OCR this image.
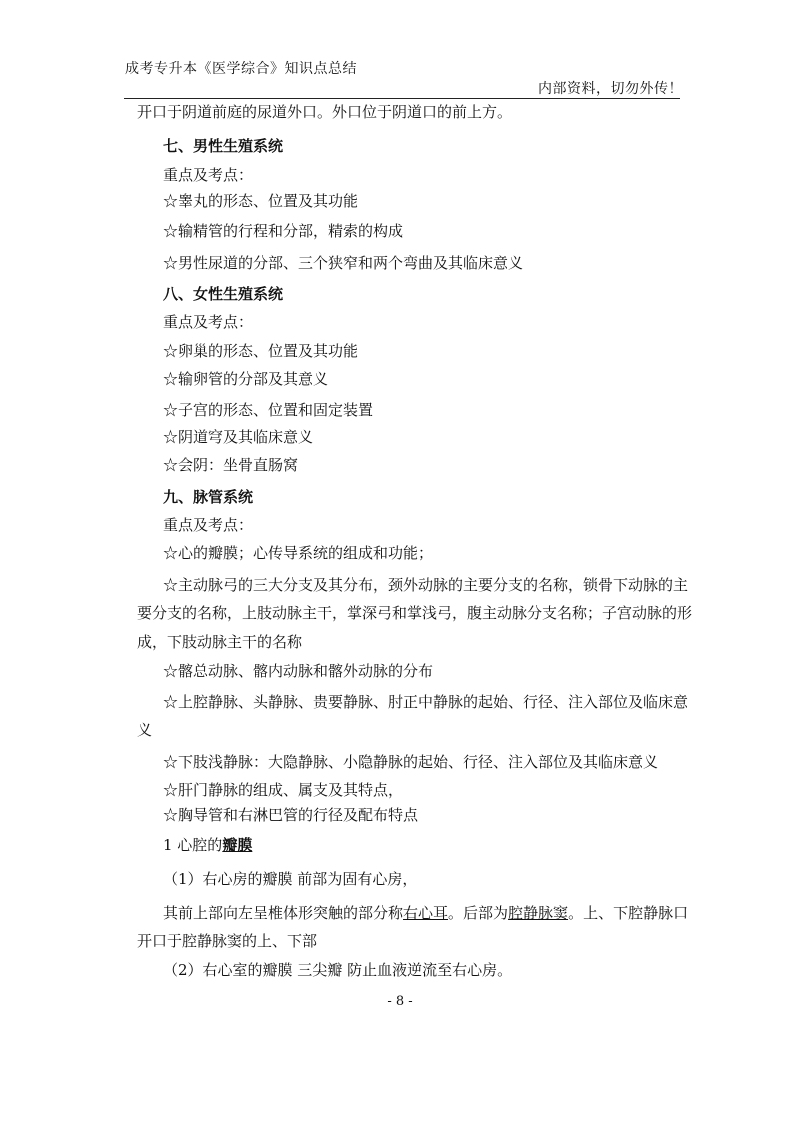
成考专升本《医学综合》知识点总结
内部资料，切勿外传！
开口于阴道前庭的尿道外口。外口位于阴道口的前上方。
七、男性生殖系统
重点及考点：
☆睾丸的形态、位置及其功能
☆输精管的行程和分部，精索的构成
☆男性尿道的分部、三个狭窄和两个弯曲及其临床意义
八、女性生殖系统
重点及考点：
☆卵巢的形态、位置及其功能
☆输卵管的分部及其意义
☆子宫的形态、位置和固定装置
☆阴道穹及其临床意义
☆会阴：坐骨直肠窝
九、脉管系统
重点及考点：
☆心的瓣膜；心传导系统的组成和功能；
☆主动脉弓的三大分支及其分布，颈外动脉的主要分支的名称，锁骨下动脉的主
要分支的名称，上肢动脉主干，掌深弓和掌浅弓，腹主动脉分支名称；子宫动脉的形
成，下肢动脉主干的名称
☆髂总动脉、髂内动脉和髂外动脉的分布
☆上腔静脉、头静脉、贵要静脉、肘正中静脉的起始、行径、注入部位及临床意
义
☆下肢浅静脉：大隐静脉、小隐静脉的起始、行径、注入部位及其临床意义
☆肝门静脉的组成、属支及其特点，
☆胸导管和右淋巴管的行径及配布特点
1 心腔的瓣膜
（1）右心房的瓣膜 前部为固有心房，
其前上部向左呈椎体形突触的部分称右心耳。后部为腔静脉窦。上、下腔静脉口
开口于腔静脉窦的上、下部
（2）右心室的瓣膜 三尖瓣 防止血液逆流至右心房。
- 8 -
